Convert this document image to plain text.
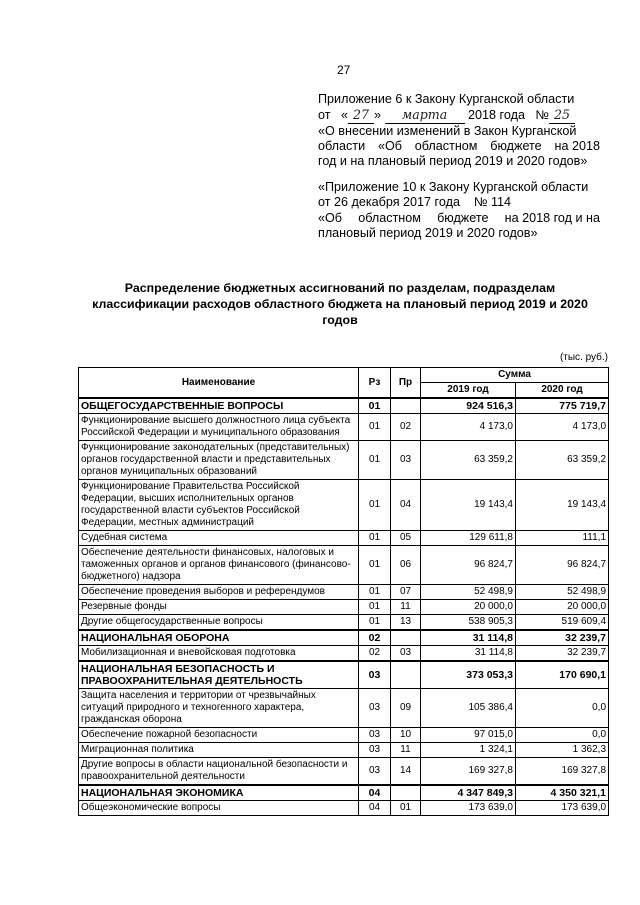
27
Приложение 6 к Закону Курганской области
от « 27 » марта 2018 года № 25
«О внесении изменений в Закон Курганской
области «Об областном бюджете на 2018
год и на плановый период 2019 и 2020 годов»
«Приложение 10 к Закону Курганской области
от 26 декабря 2017 года    № 114
«Об областном бюджете на 2018 год и на
плановый период 2019 и 2020 годов»
Распределение бюджетных ассигнований по разделам, подразделам классификации расходов областного бюджета на плановый период 2019 и 2020 годов
(тыс. руб.)
Наименование	Рз	Пр	Сумма	
			2019 год	2020 год
ОБЩЕГОСУДАРСТВЕННЫЕ ВОПРОСЫ	01		924 516,3	775 719,7
Функционирование высшего должностного лица субъекта Российской Федерации и муниципального образования	01	02	4 173,0	4 173,0
Функционирование законодательных (представительных) органов государственной власти и представительных органов муниципальных образований	01	03	63 359,2	63 359,2
Функционирование Правительства Российской Федерации, высших исполнительных органов государственной власти субъектов Российской Федерации, местных администраций	01	04	19 143,4	19 143,4
Судебная система	01	05	129 611,8	111,1
Обеспечение деятельности финансовых, налоговых и таможенных органов и органов финансового (финансово-бюджетного) надзора	01	06	96 824,7	96 824,7
Обеспечение проведения выборов и референдумов	01	07	52 498,9	52 498,9
Резервные фонды	01	11	20 000,0	20 000,0
Другие общегосударственные вопросы	01	13	538 905,3	519 609,4
НАЦИОНАЛЬНАЯ ОБОРОНА	02		31 114,8	32 239,7
Мобилизационная и вневойсковая подготовка	02	03	31 114,8	32 239,7
НАЦИОНАЛЬНАЯ БЕЗОПАСНОСТЬ И ПРАВООХРАНИТЕЛЬНАЯ ДЕЯТЕЛЬНОСТЬ	03		373 053,3	170 690,1
Защита населения и территории от чрезвычайных ситуаций природного и техногенного характера, гражданская оборона	03	09	105 386,4	0,0
Обеспечение пожарной безопасности	03	10	97 015,0	0,0
Миграционная политика	03	11	1 324,1	1 362,3
Другие вопросы в области национальной безопасности и правоохранительной деятельности	03	14	169 327,8	169 327,8
НАЦИОНАЛЬНАЯ ЭКОНОМИКА	04		4 347 849,3	4 350 321,1
Общеэкономические вопросы	04	01	173 639,0	173 639,0
